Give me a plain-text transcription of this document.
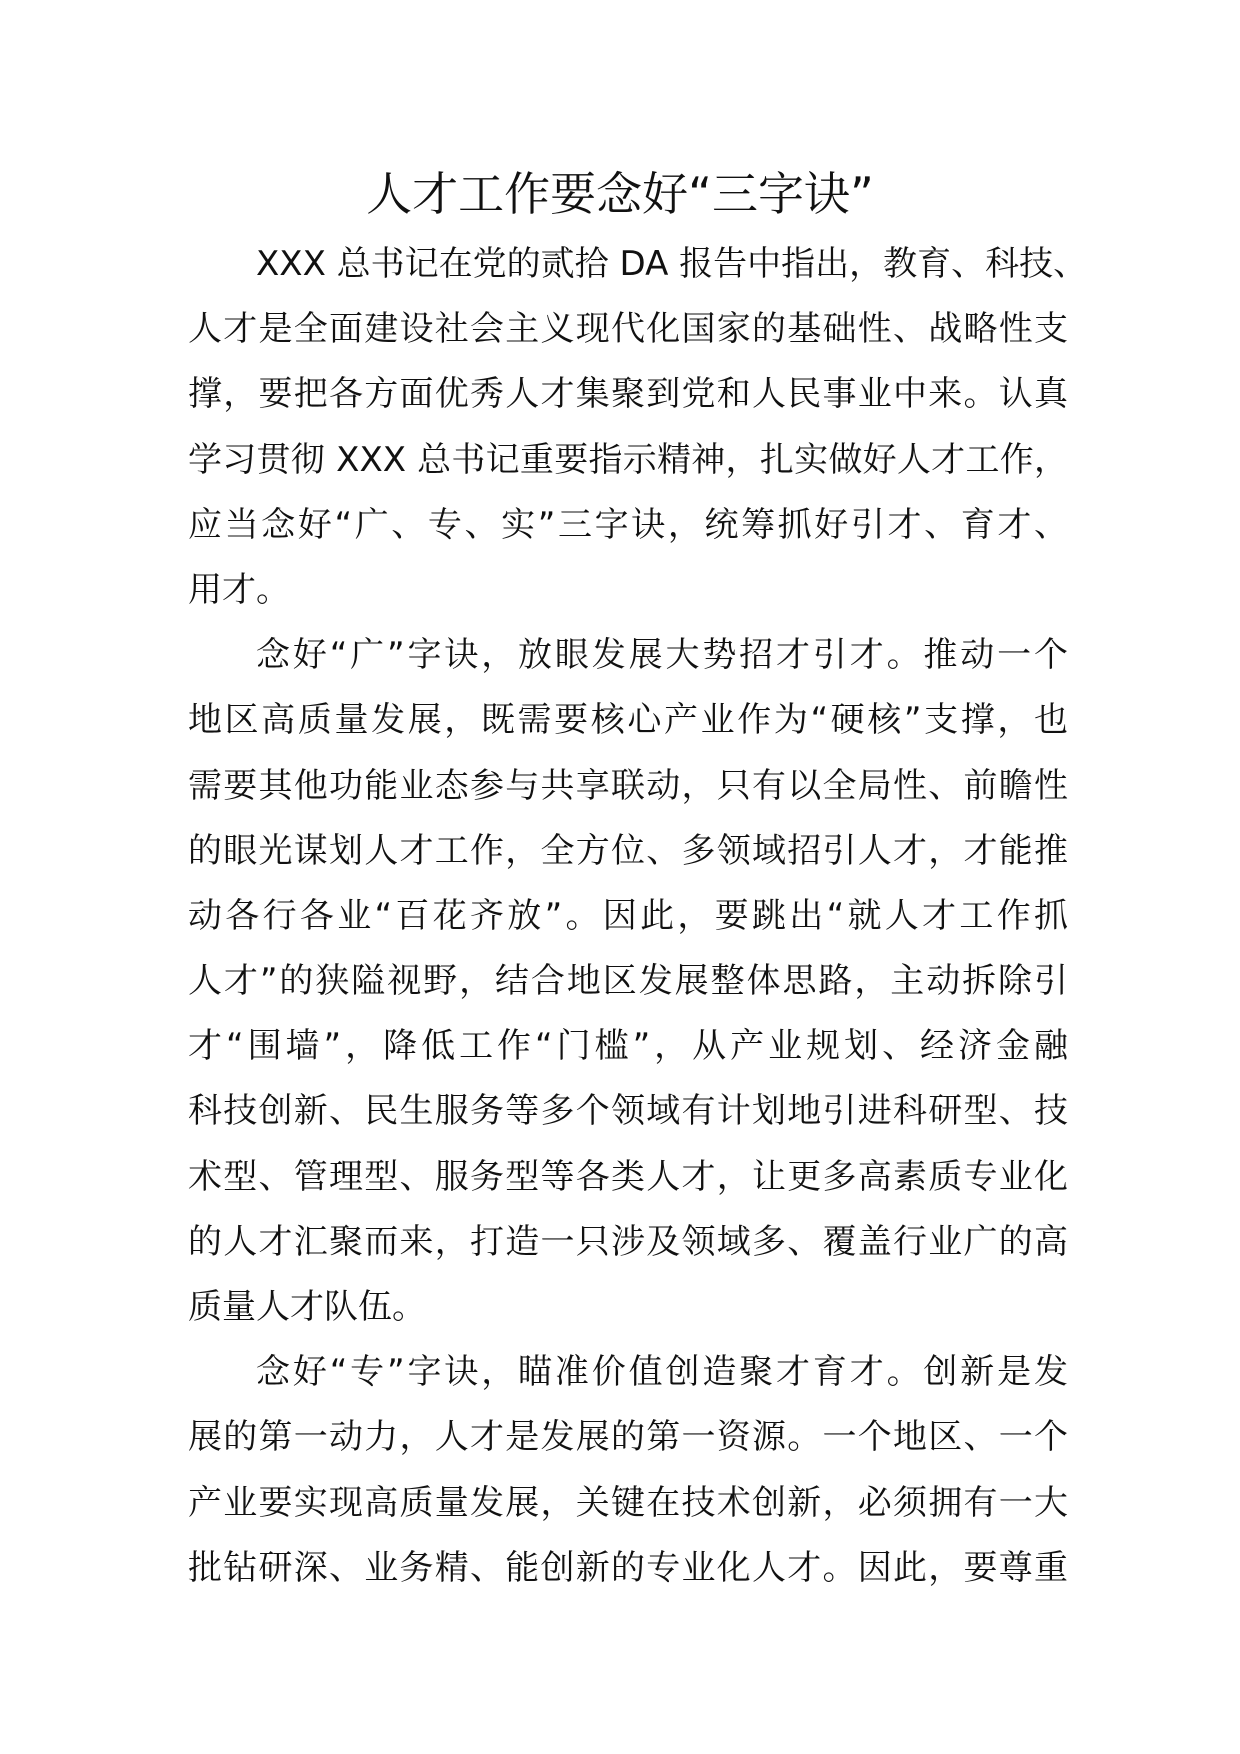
人才工作要念好“三字诀”
XXX 总书记在党的贰拾 DA 报告中指出，教育、科技、
人才是全面建设社会主义现代化国家的基础性、战略性支
撑，要把各方面优秀人才集聚到党和人民事业中来。认真
学习贯彻 XXX 总书记重要指示精神，扎实做好人才工作，
应当念好“广、专、实”三字诀，统筹抓好引才、育才、
用才。
念好“广”字诀，放眼发展大势招才引才。推动一个
地区高质量发展，既需要核心产业作为“硬核”支撑，也
需要其他功能业态参与共享联动，只有以全局性、前瞻性
的眼光谋划人才工作，全方位、多领域招引人才，才能推
动各行各业“百花齐放”。因此，要跳出“就人才工作抓
人才”的狭隘视野，结合地区发展整体思路，主动拆除引
才“围墙”，降低工作“门槛”，从产业规划、经济金融
科技创新、民生服务等多个领域有计划地引进科研型、技
术型、管理型、服务型等各类人才，让更多高素质专业化
的人才汇聚而来，打造一只涉及领域多、覆盖行业广的高
质量人才队伍。
念好“专”字诀，瞄准价值创造聚才育才。创新是发
展的第一动力，人才是发展的第一资源。一个地区、一个
产业要实现高质量发展，关键在技术创新，必须拥有一大
批钻研深、业务精、能创新的专业化人才。因此，要尊重
